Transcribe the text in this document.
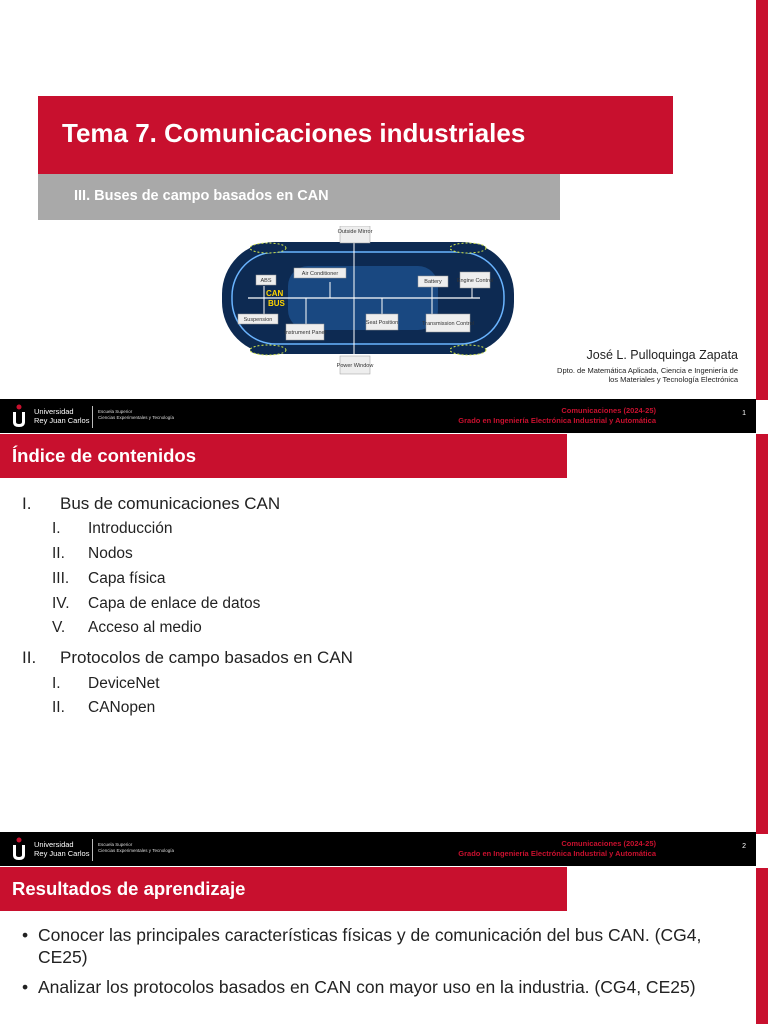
Tema 7. Comunicaciones industriales
III. Buses de campo basados en CAN
Outside Mirror
Air Conditioner
ABS	Battery	Engine Control
Suspension
Instrument Panel
Seat Position	Transmission Control
Power Window
CAN
BUS
José L. Pulloquinga Zapata
Dpto. de Matemática Aplicada, Ciencia e Ingeniería de
los Materiales y Tecnología Electrónica
Universidad
Rey Juan Carlos
Escuela Superior
Ciencias Experimentales y Tecnología
Comunicaciones (2024-25)
Grado en Ingeniería Electrónica Industrial y Automática
1
Índice de contenidos
I. Bus de comunicaciones CAN
I. Introducción
II. Nodos
III. Capa física
IV. Capa de enlace de datos
V. Acceso al medio
II. Protocolos de campo basados en CAN
I. DeviceNet
II. CANopen
Universidad
Rey Juan Carlos
Escuela Superior
Ciencias Experimentales y Tecnología
Comunicaciones (2024-25)
Grado en Ingeniería Electrónica Industrial y Automática
2
Resultados de aprendizaje
• Conocer las principales características físicas y de comunicación del bus CAN. (CG4, CE25)
• Analizar los protocolos basados en CAN con mayor uso en la industria. (CG4, CE25)
